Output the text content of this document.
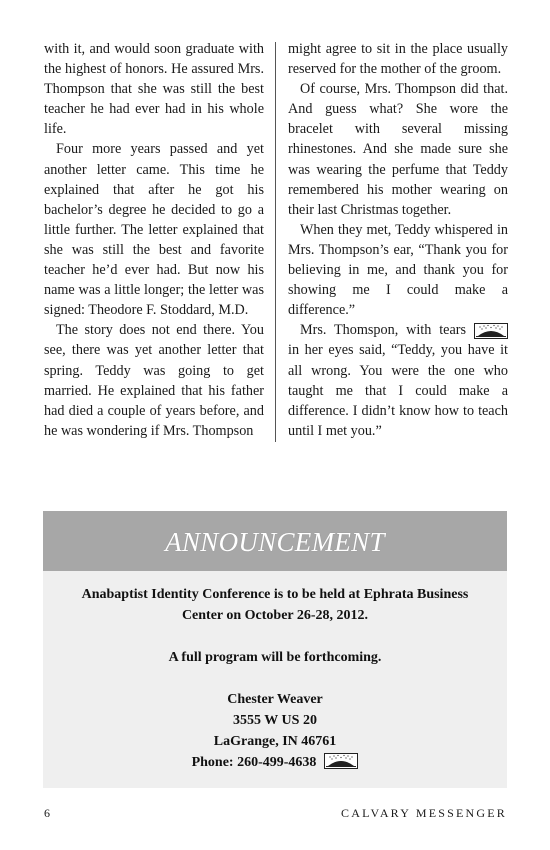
with it, and would soon graduate with the highest of honors. He assured Mrs. Thompson that she was still the best teacher he had ever had in his whole life.

Four more years passed and yet another letter came. This time he explained that after he got his bachelor’s degree he decided to go a little further. The letter explained that she was still the best and favorite teacher he’d ever had. But now his name was a little longer; the letter was signed: Theodore F. Stoddard, M.D.

The story does not end there. You see, there was yet another letter that spring. Teddy was going to get married. He explained that his father had died a couple of years before, and he was wondering if Mrs. Thompson

might agree to sit in the place usually reserved for the mother of the groom.

Of course, Mrs. Thompson did that. And guess what? She wore the bracelet with several missing rhinestones. And she made sure she was wearing the perfume that Teddy remembered his mother wearing on their last Christmas together.

When they met, Teddy whispered in Mrs. Thompson’s ear, “Thank you for believing in me, and thank you for showing me I could make a difference.”

Mrs. Thomspon, with tears in her eyes said, “Teddy, you have it all wrong. You were the one who taught me that I could make a difference. I didn’t know how to teach until I met you.”

ANNOUNCEMENT
Anabaptist Identity Conference is to be held at Ephrata Business
Center on October 26-28, 2012.
A full program will be forthcoming.
Chester Weaver
3555 W US 20
LaGrange, IN 46761
Phone: 260-499-4638
6	CALVARY MESSENGER
